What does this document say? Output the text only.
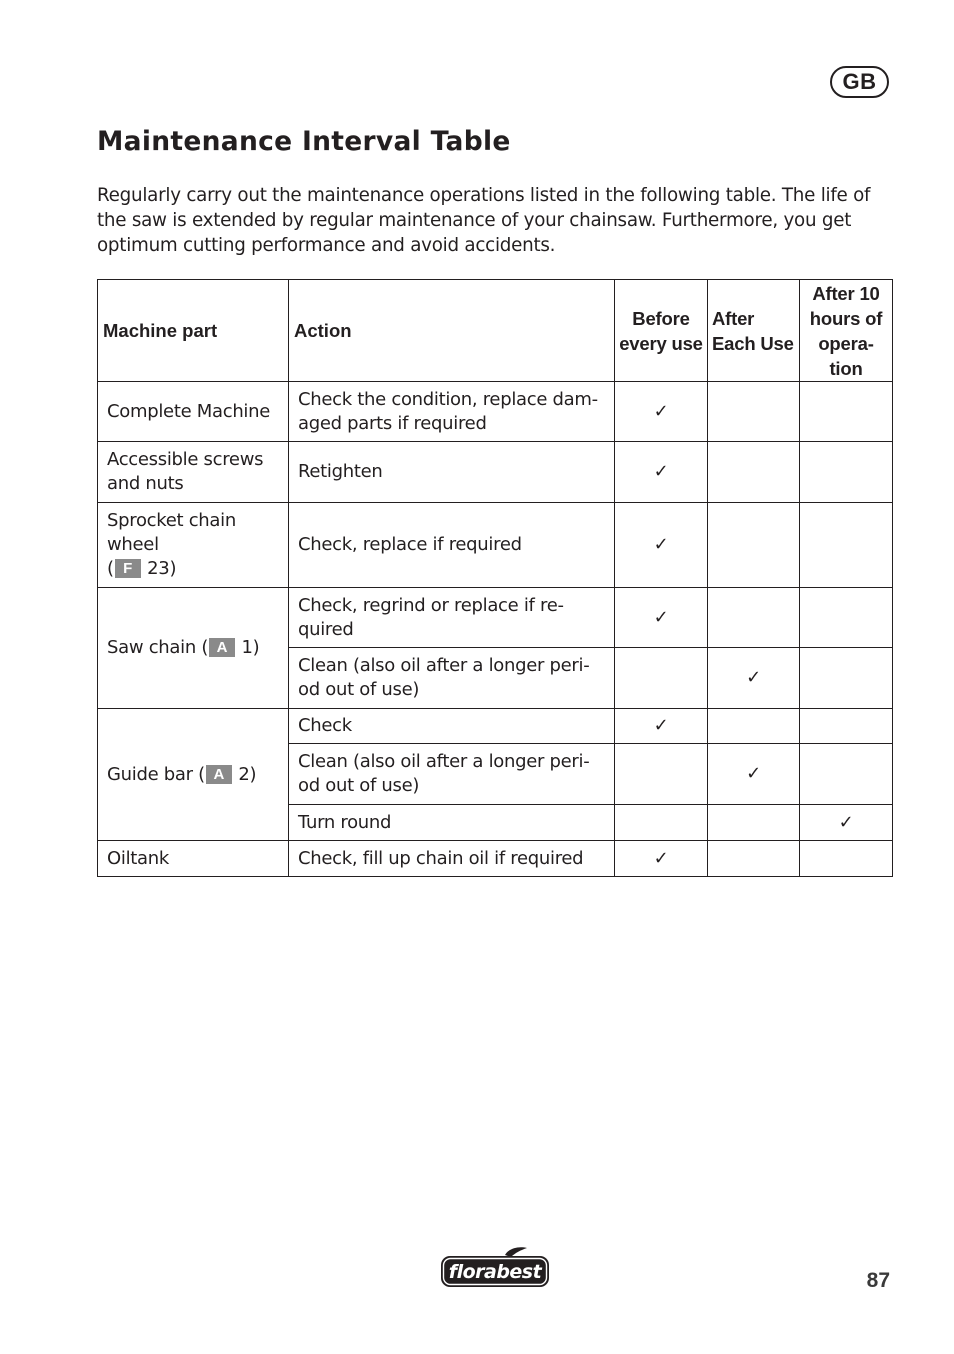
GB
Maintenance Interval Table

Regularly carry out the maintenance operations listed in the following table. The life of the saw is extended by regular maintenance of your chainsaw. Furthermore, you get optimum cutting performance and avoid accidents.

Machine part	Action	Before every use	After Each Use	After 10 hours of opera-tion
Complete Machine	Check the condition, replace dam-aged parts if required	✓		
Accessible screws and nuts	Retighten	✓		
Sprocket chain wheel
( F 23)	Check, replace if required	✓		
Saw chain ( A 1)	Check, regrind or replace if re-quired	✓		
	Clean (also oil after a longer peri-od out of use)		✓	
Guide bar ( A 2)	Check	✓		
	Clean (also oil after a longer peri-od out of use)		✓	
	Turn round			✓
Oiltank	Check, fill up chain oil if required	✓		
florabest	87
